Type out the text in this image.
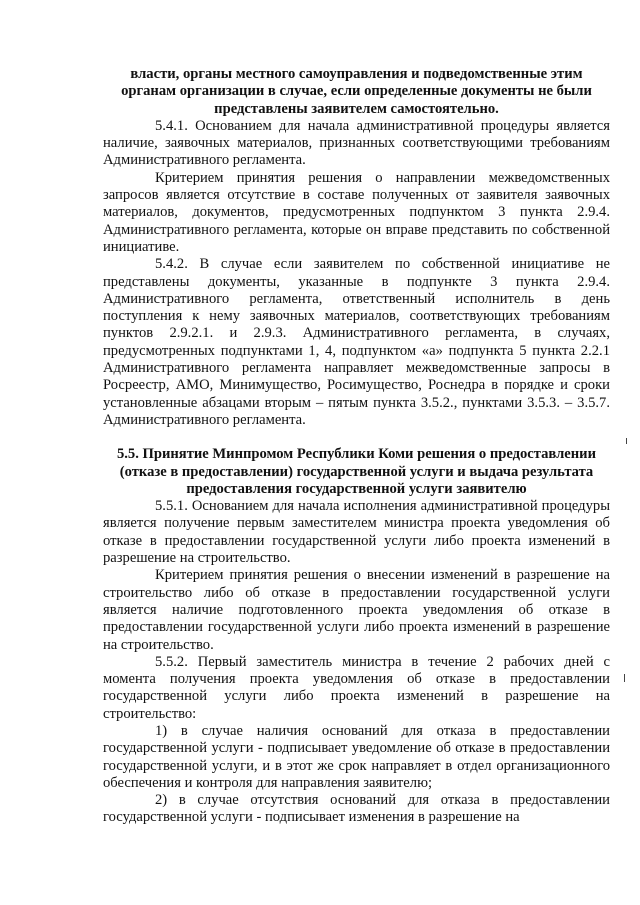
власти, органы местного самоуправления и подведомственные этим органам организации в случае, если определенные документы не были представлены заявителем самостоятельно.

5.4.1. Основанием для начала административной процедуры является наличие, заявочных материалов, признанных соответствующими требованиям Административного регламента.

Критерием принятия решения о направлении межведомственных запросов является отсутствие в составе полученных от заявителя заявочных материалов, документов, предусмотренных подпунктом 3 пункта 2.9.4. Административного регламента, которые он вправе представить по собственной инициативе.

5.4.2. В случае если заявителем по собственной инициативе не представлены документы, указанные в подпункте 3 пункта 2.9.4. Административного регламента, ответственный исполнитель в день поступления к нему заявочных материалов, соответствующих требованиям пунктов 2.9.2.1. и 2.9.3. Административного регламента, в случаях, предусмотренных подпунктами 1, 4, подпунктом «а» подпункта 5 пункта 2.2.1 Административного регламента направляет межведомственные запросы в Росреестр, АМО, Минимущество, Росимущество, Роснедра в порядке и сроки установленные абзацами вторым – пятым пункта 3.5.2., пунктами 3.5.3. – 3.5.7. Административного регламента.

5.5. Принятие Минпромом Республики Коми решения о предоставлении (отказе в предоставлении) государственной услуги и выдача результата предоставления государственной услуги заявителю

5.5.1. Основанием для начала исполнения административной процедуры является получение первым заместителем министра проекта уведомления об отказе в предоставлении государственной услуги либо проекта изменений в разрешение на строительство.

Критерием принятия решения о внесении изменений в разрешение на строительство либо об отказе в предоставлении государственной услуги является наличие подготовленного проекта уведомления об отказе в предоставлении государственной услуги либо проекта изменений в разрешение на строительство.

5.5.2. Первый заместитель министра в течение 2 рабочих дней с момента получения проекта уведомления об отказе в предоставлении государственной услуги либо проекта изменений в разрешение на строительство:

1) в случае наличия оснований для отказа в предоставлении государственной услуги - подписывает уведомление об отказе в предоставлении государственной услуги, и в этот же срок направляет в отдел организационного обеспечения и контроля для направления заявителю;

2) в случае отсутствия оснований для отказа в предоставлении государственной услуги - подписывает изменения в разрешение на
